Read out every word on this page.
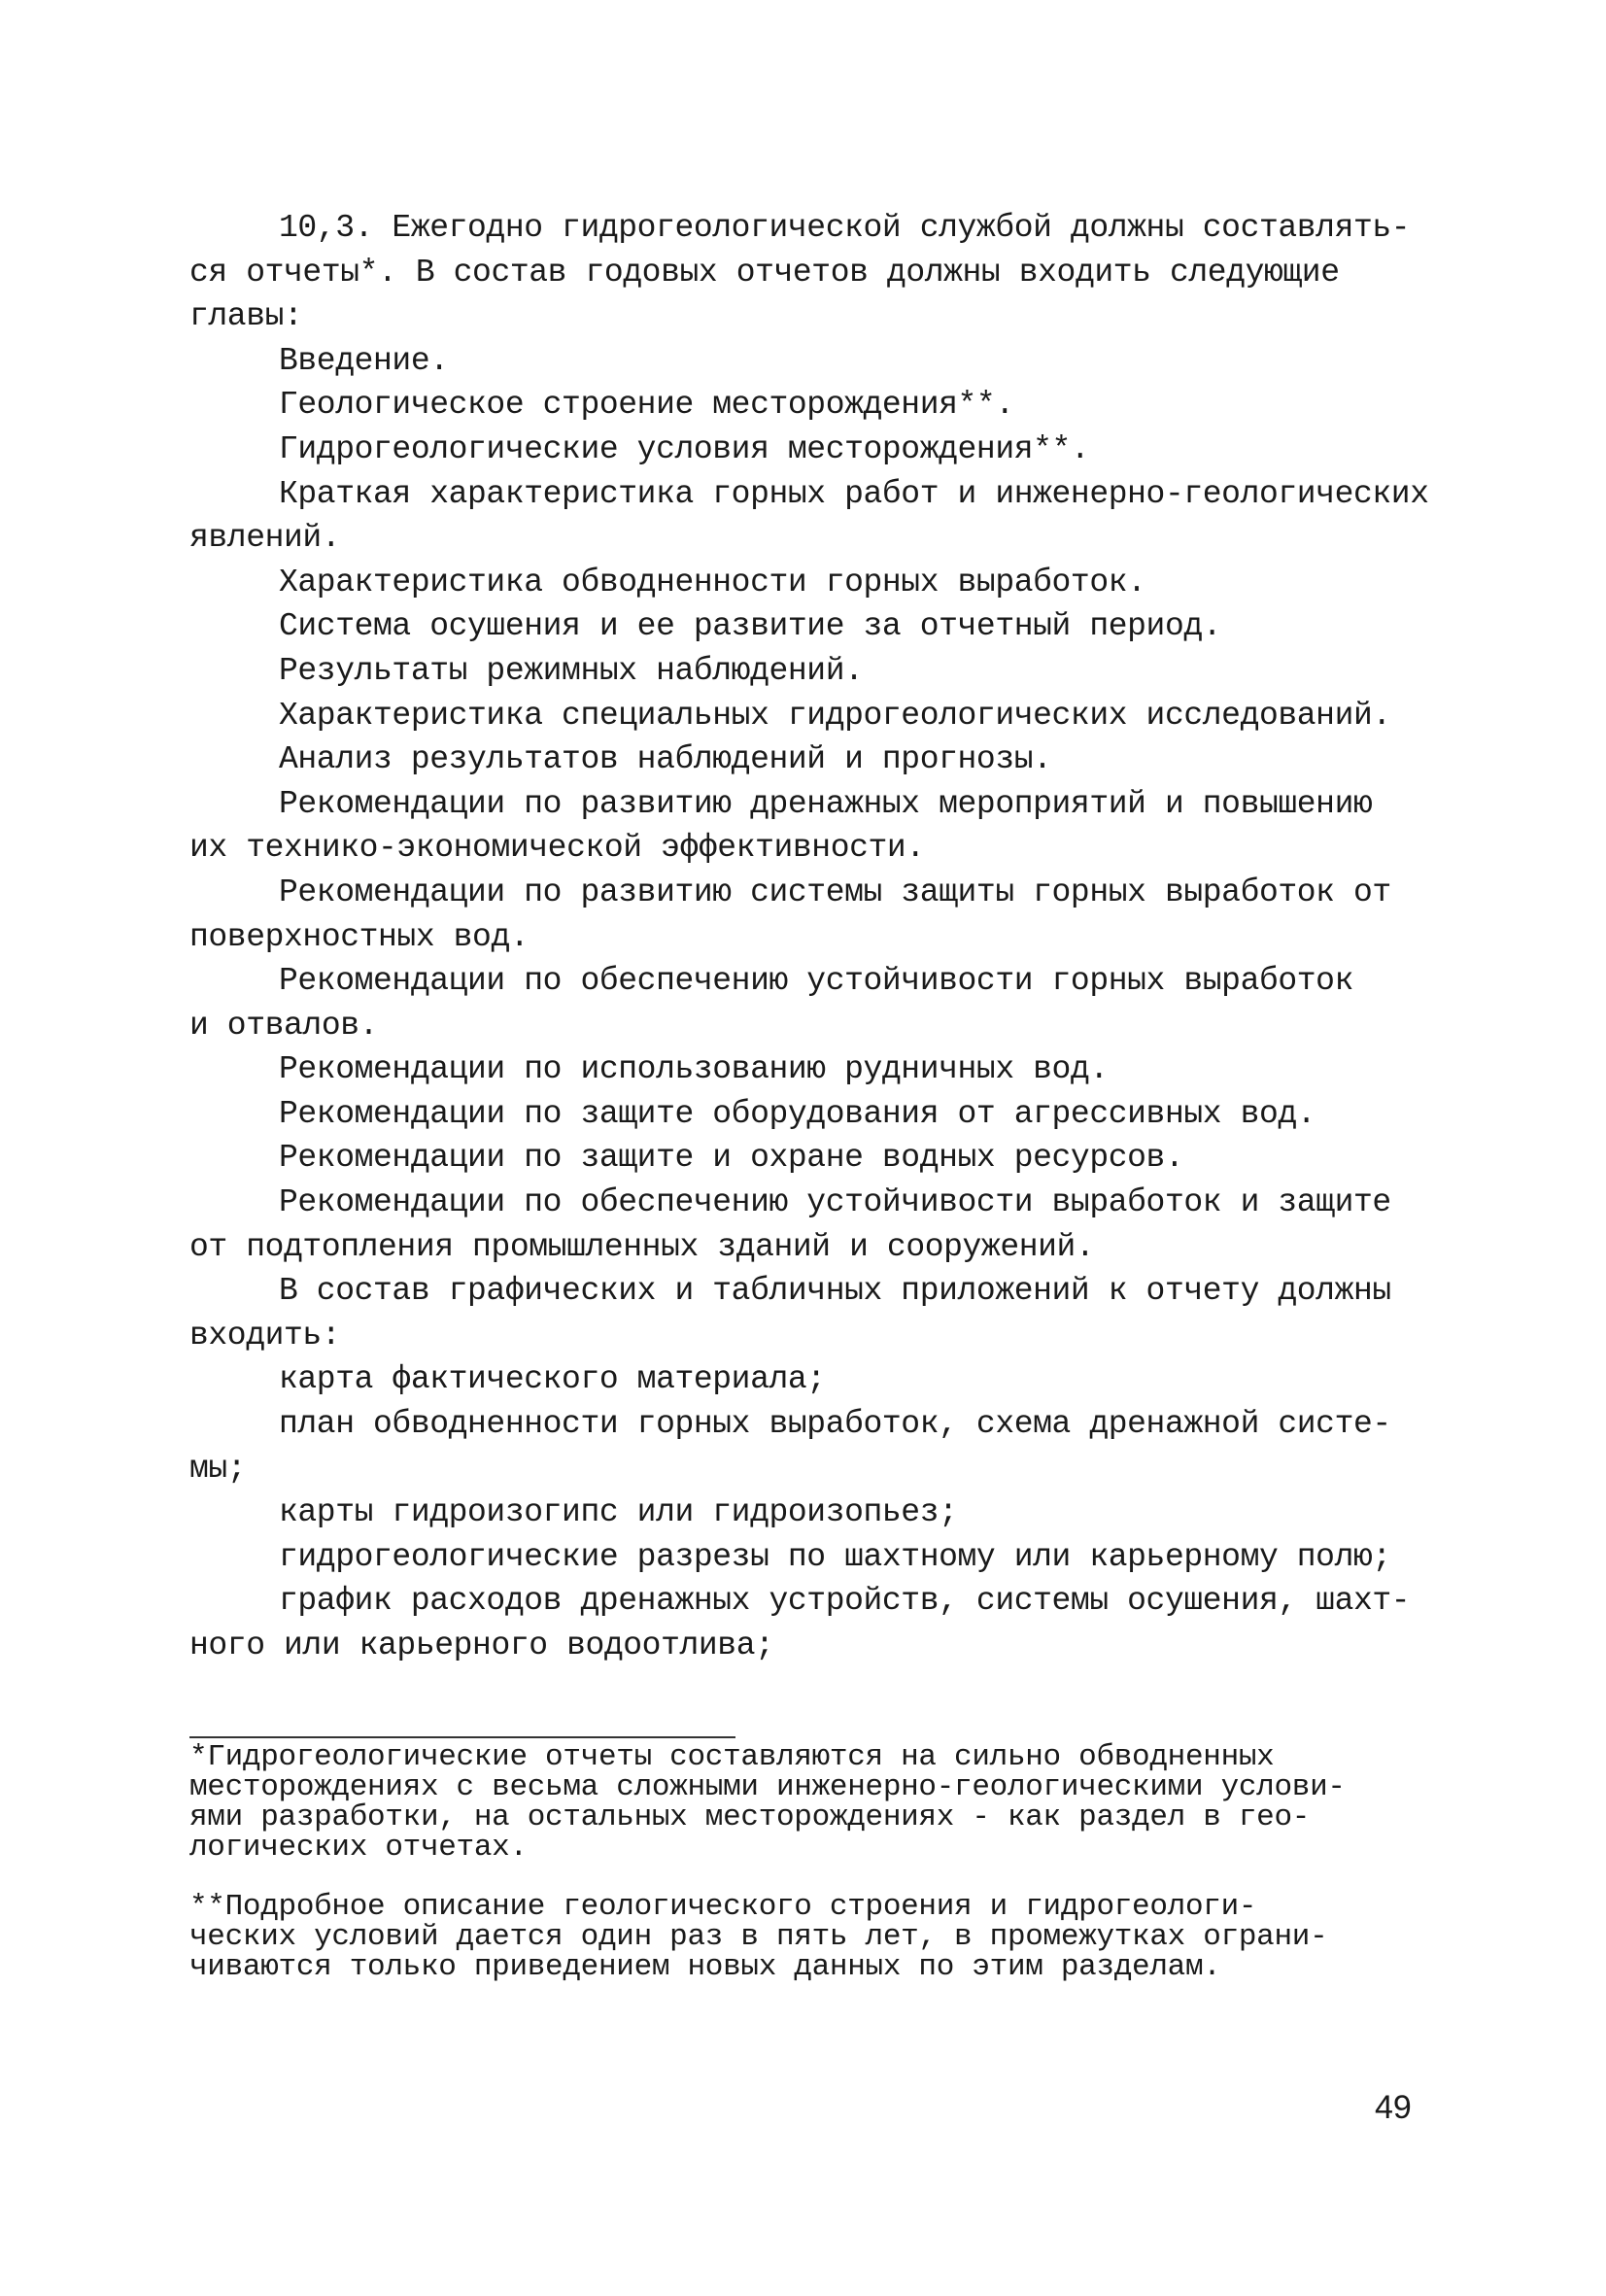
10,3. Ежегодно гидрогеологической службой должны составлять-

ся отчеты*. В состав годовых отчетов должны входить следующие

главы:

Введение.

Геологическое строение месторождения**.

Гидрогеологические условия месторождения**.

Краткая характеристика горных работ и инженерно-геологических

явлений.

Характеристика обводненности горных выработок.

Система осушения и ее развитие за отчетный период.

Результаты режимных наблюдений.

Характеристика специальных гидрогеологических исследований.

Анализ результатов наблюдений и прогнозы.

Рекомендации по развитию дренажных мероприятий и повышению

их технико-экономической эффективности.

Рекомендации по развитию системы защиты горных выработок от

поверхностных вод.

Рекомендации по обеспечению устойчивости горных выработок

и отвалов.

Рекомендации по использованию рудничных вод.

Рекомендации по защите оборудования от агрессивных вод.

Рекомендации по защите и охране водных ресурсов.

Рекомендации по обеспечению устойчивости выработок и защите

от подтопления промышленных зданий и сооружений.

В состав графических и табличных приложений к отчету должны

входить:

карта фактического материала;

план обводненности горных выработок, схема дренажной систе-

мы;

карты гидроизогипс или гидроизопьез;

гидрогеологические разрезы по шахтному или карьерному полю;

график расходов дренажных устройств, системы осушения, шахт-

ного или карьерного водоотлива;

*Гидрогеологические отчеты составляются на сильно обводненных

месторождениях с весьма сложными инженерно-геологическими услови-

ями разработки, на остальных месторождениях - как раздел в гео-

логических отчетах.

**Подробное описание геологического строения и гидрогеологи-

ческих условий дается один раз в пять лет, в промежутках ограни-

чиваются только приведением новых данных по этим разделам.

49
